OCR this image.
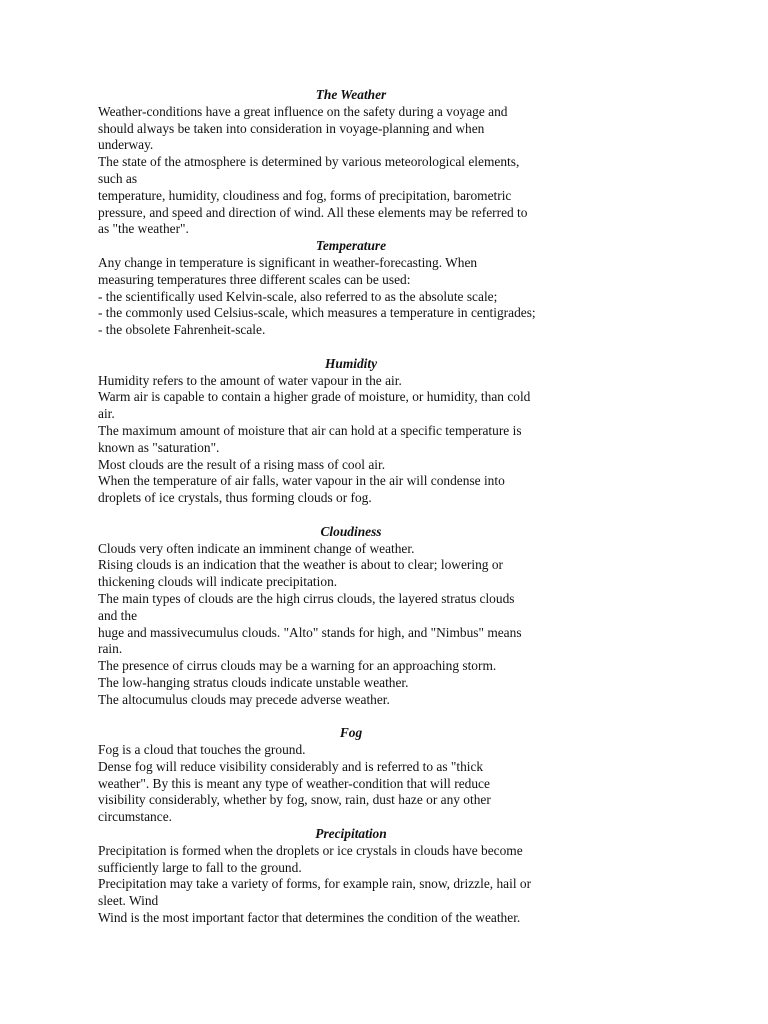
The Weather

Weather-conditions have a great influence on the safety during a voyage and

should always be taken into consideration in voyage-planning and when

underway.

The state of the atmosphere is determined by various meteorological elements,

such as

temperature, humidity, cloudiness and fog, forms of precipitation, barometric

pressure, and speed and direction of wind. All these elements may be referred to

as "the weather".

Temperature

Any change in temperature is significant in weather-forecasting. When

measuring temperatures three different scales can be used:

- the scientifically used Kelvin-scale, also referred to as the absolute scale;

- the commonly used Celsius-scale, which measures a temperature in centigrades;

- the obsolete Fahrenheit-scale.

Humidity

Humidity refers to the amount of water vapour in the air.

Warm air is capable to contain a higher grade of moisture, or humidity, than cold

air.

The maximum amount of moisture that air can hold at a specific temperature is

known as "saturation".

Most clouds are the result of a rising mass of cool air.

When the temperature of air falls, water vapour in the air will condense into

droplets of ice crystals, thus forming clouds or fog.

Cloudiness

Clouds very often indicate an imminent change of weather.

Rising clouds is an indication that the weather is about to clear; lowering or

thickening clouds will indicate precipitation.

The main types of clouds are the high cirrus clouds, the layered stratus clouds

and the

huge and massivecumulus clouds. "Alto" stands for high, and "Nimbus" means

rain.

The presence of cirrus clouds may be a warning for an approaching storm.

The low-hanging stratus clouds indicate unstable weather.

The altocumulus clouds may precede adverse weather.

Fog

Fog is a cloud that touches the ground.

Dense fog will reduce visibility considerably and is referred to as "thick

weather". By this is meant any type of weather-condition that will reduce

visibility considerably, whether by fog, snow, rain, dust haze or any other

circumstance.

Precipitation

Precipitation is formed when the droplets or ice crystals in clouds have become

sufficiently large to fall to the ground.

Precipitation may take a variety of forms, for example rain, snow, drizzle, hail or

sleet. Wind

Wind is the most important factor that determines the condition of the weather.
